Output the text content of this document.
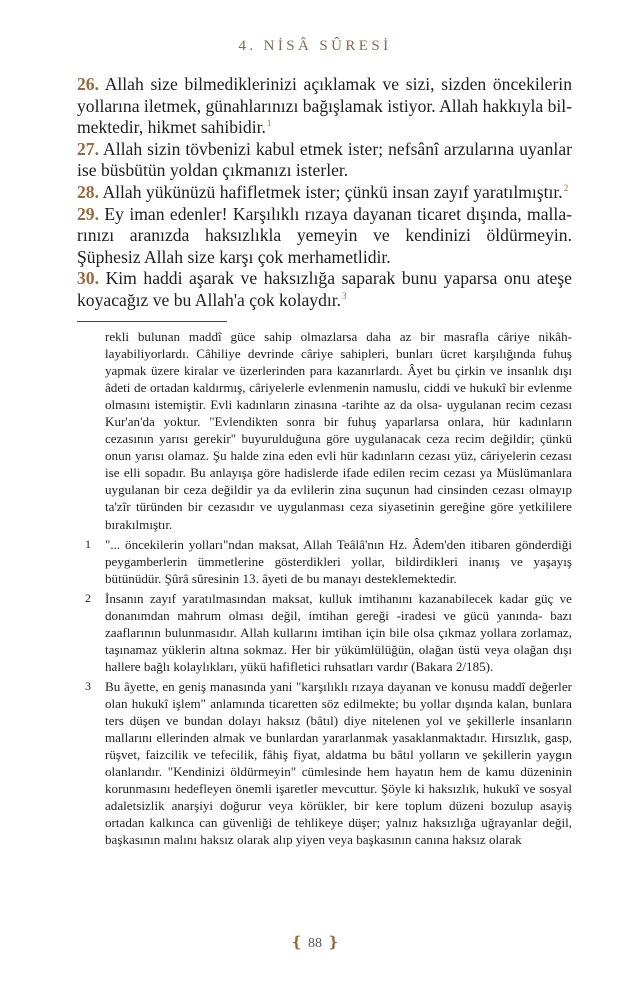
4. NİSÂ SÛRESİ

26. Allah size bilmediklerinizi açıklamak ve sizi, sizden öncekilerin yollarına iletmek, günahlarınızı bağışlamak istiyor. Allah hakkıyla bilmektedir, hikmet sahibidir.$^1$

27. Allah sizin tövbenizi kabul etmek ister; nefsânî arzularına uyanlar ise büsbütün yoldan çıkmanızı isterler.

28. Allah yükünüzü hafifletmek ister; çünkü insan zayıf yaratılmıştır.$^2$

29. Ey iman edenler! Karşılıklı rızaya dayanan ticaret dışında, mallarınızı aranızda haksızlıkla yemeyin ve kendinizi öldürmeyin. Şüphesiz Allah size karşı çok merhametlidir.

30. Kim haddi aşarak ve haksızlığa saparak bunu yaparsa onu ateşe koyacağız ve bu Allah'a çok kolaydır.$^3$

rekli bulunan maddî güce sahip olmazlarsa daha az bir masrafla câriye nikâhlayabiliyorlardı. Câhiliye devrinde câriye sahipleri, bunları ücret karşılığında fuhuş yapmak üzere kiralar ve üzerlerinden para kazanırlardı. Âyet bu çirkin ve insanlık dışı âdeti de ortadan kaldırmış, câriyelerle evlenmenin namuslu, ciddi ve hukukî bir evlenme olmasını istemiştir. Evli kadınların zinasına -tarihte az da olsa- uygulanan recim cezası Kur'an'da yoktur. "Evlendikten sonra bir fuhuş yaparlarsa onlara, hür kadınların cezasının yarısı gerekir" buyurulduğuna göre uygulanacak ceza recim değildir; çünkü onun yarısı olamaz. Şu halde zina eden evli hür kadınların cezası yüz, câriyelerin cezası ise elli sopadır. Bu anlayışa göre hadislerde ifade edilen recim cezası ya Müslümanlara uygulanan bir ceza değildir ya da evlilerin zina suçunun had cinsinden cezası olmayıp ta'zîr türünden bir cezasıdır ve uygulanması ceza siyasetinin gereğine göre yetkililere bırakılmıştır.

1 "... öncekilerin yolları"ndan maksat, Allah Teâlâ'nın Hz. Âdem'den itibaren gönderdiği peygamberlerin ümmetlerine gösterdikleri yollar, bildirdikleri inanış ve yaşayış bütünüdür. Şûrâ sûresinin 13. âyeti de bu manayı desteklemektedir.

2 İnsanın zayıf yaratılmasından maksat, kulluk imtihanını kazanabilecek kadar güç ve donanımdan mahrum olması değil, imtihan gereği -iradesi ve gücü yanında- bazı zaaflarının bulunmasıdır. Allah kullarını imtihan için bile olsa çıkmaz yollara zorlamaz, taşınamaz yüklerin altına sokmaz. Her bir yükümlülüğün, olağan üstü veya olağan dışı hallere bağlı kolaylıkları, yükü hafifletici ruhsatları vardır (Bakara 2/185).

3 Bu âyette, en geniş manasında yani "karşılıklı rızaya dayanan ve konusu maddî değerler olan hukukî işlem" anlamında ticaretten söz edilmekte; bu yollar dışında kalan, bunlara ters düşen ve bundan dolayı haksız (bâtıl) diye nitelenen yol ve şekillerle insanların mallarını ellerinden almak ve bunlardan yararlanmak yasaklanmaktadır. Hırsızlık, gasp, rüşvet, faizcilik ve tefecilik, fâhiş fiyat, aldatma bu bâtıl yolların ve şekillerin yaygın olanlarıdır. "Kendinizi öldürmeyin" cümlesinde hem hayatın hem de kamu düzeninin korunmasını hedefleyen önemli işaretler mevcuttur. Şöyle ki haksızlık, hukukî ve sosyal adaletsizlik anarşiyi doğurur veya körükler, bir kere toplum düzeni bozulup asayiş ortadan kalkınca can güvenliği de tehlikeye düşer; yalnız haksızlığa uğrayanlar değil, başkasının malını haksız olarak alıp yiyen veya başkasının canına haksız olarak

❴ 88 ❵
